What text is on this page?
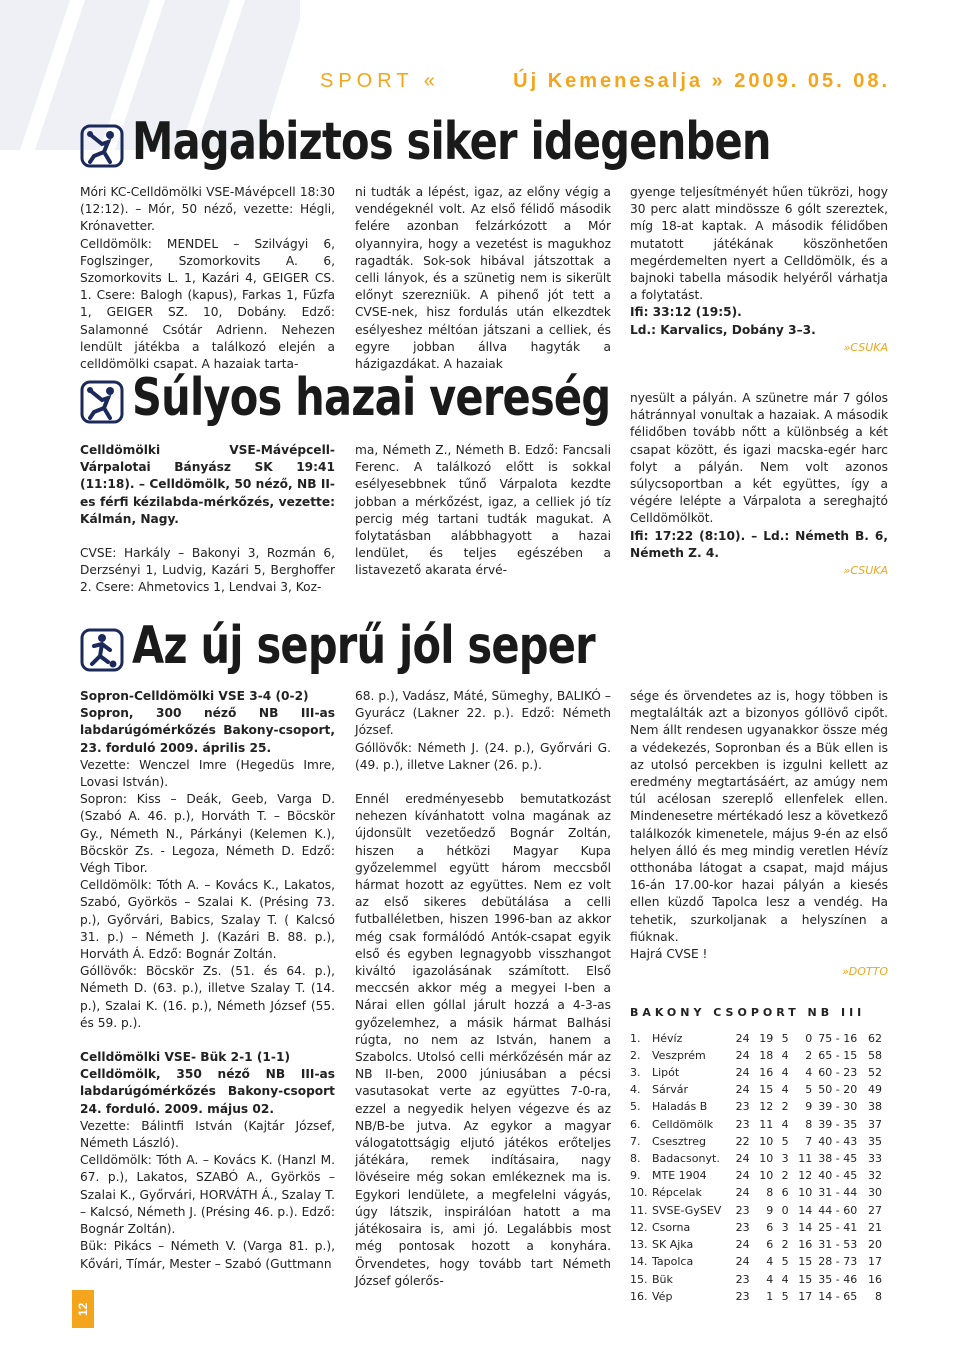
SPORT «	Új Kemenesalja » 2009. 05. 08.
Magabiztos siker idegenben

Móri KC-Celldömölki VSE-Mávépcell 18:30 (12:12). – Mór, 50 néző, vezette: Hégli, Krónavetter.

Celldömölk: MENDEL – Szilvágyi 6, Foglszinger, Szomorkovits A. 6, Szomorkovits L. 1, Kazári 4, GEIGER CS. 1. Csere: Balogh (kapus), Farkas 1, Fűzfa 1, GEIGER SZ. 10, Dobány. Edző: Salamonné Csótár Adrienn. Nehezen lendült játékba a találkozó elején a celldömölki csapat. A hazaiak tarta-

ni tudták a lépést, igaz, az előny végig a vendégeknél volt. Az első félidő második felére azonban felzárkózott a Mór olyannyira, hogy a vezetést is magukhoz ragadták. Sok-sok hibával játszottak a celli lányok, és a szünetig nem is sikerült előnyt szerezniük. A pihenő jót tett a CVSE-nek, hisz fordulás után elkezdtek esélyeshez méltóan játszani a celliek, és egyre jobban állva hagyták a házigazdákat. A hazaiak

gyenge teljesítményét hűen tükrözi, hogy 30 perc alatt mindössze 6 gólt szereztek, míg 18-at kaptak. A második félidőben mutatott játékának köszönhetően megérdemelten nyert a Celldömölk, és a bajnoki tabella második helyéről várhatja a folytatást.

Ifi: 33:12 (19:5).

Ld.: Karvalics, Dobány 3–3.

»CSUKA

Súlyos hazai vereség

Celldömölki VSE-Mávépcell-Várpalotai Bányász SK 19:41 (11:18). – Celldömölk, 50 néző, NB II-es férfi kézilabda-mérkőzés, vezette: Kálmán, Nagy.

CVSE: Harkály – Bakonyi 3, Rozmán 6, Derzsényi 1, Ludvig, Kazári 5, Berghoffer 2. Csere: Ahmetovics 1, Lendvai 3, Koz-

ma, Németh Z., Németh B. Edző: Fancsali Ferenc. A találkozó előtt is sokkal esélyesebbnek tűnő Várpalota kezdte jobban a mérkőzést, igaz, a celliek jó tíz percig még tartani tudták magukat. A folytatásban alábbhagyott a hazai lendület, és teljes egészében a listavezető akarata érvé-

nyesült a pályán. A szünetre már 7 gólos hátránnyal vonultak a hazaiak. A második félidőben tovább nőtt a különbség a két csapat között, és igazi macska-egér harc folyt a pályán. Nem volt azonos súlycsoportban a két együttes, így a végére lelépte a Várpalota a sereghajtó Celldömölköt.

Ifi: 17:22 (8:10). – Ld.: Németh B. 6, Németh Z. 4.

»CSUKA

Az új seprű jól seper

Sopron-Celldömölki VSE 3-4 (0-2)

Sopron, 300 néző NB III-as labdarúgómérkőzés Bakony-csoport, 23. forduló 2009. április 25.

Vezette: Wenczel Imre (Hegedüs Imre, Lovasi István).

Sopron: Kiss – Deák, Geeb, Varga D. (Szabó A. 46. p.), Horváth T. – Böcskör Gy., Németh N., Párkányi (Kelemen K.), Böcskör Zs. - Legoza, Németh D. Edző: Végh Tibor.

Celldömölk: Tóth A. – Kovács K., Lakatos, Szabó, Györkös – Szalai K. (Présing 73. p.), Győrvári, Babics, Szalay T. ( Kalcsó 31. p.) – Németh J. (Kazári B. 88. p.), Horváth Á. Edző: Bognár Zoltán.

Góllövők: Böcskör Zs. (51. és 64. p.), Németh D. (63. p.), illetve Szalay T. (14. p.), Szalai K. (16. p.), Németh József (55. és 59. p.).

Celldömölki VSE- Bük 2-1 (1-1)

Celldömölk, 350 néző NB III-as labdarúgómérkőzés Bakony-csoport 24. forduló. 2009. május 02.

Vezette: Bálintfi István (Kajtár József, Németh László).

Celldömölk: Tóth A. – Kovács K. (Hanzl M. 67. p.), Lakatos, SZABÓ A., Györkös – Szalai K., Győrvári, HORVÁTH Á., Szalay T. – Kalcsó, Németh J. (Présing 46. p.). Edző: Bognár Zoltán).

Bük: Pikács – Németh V. (Varga 81. p.), Kővári, Tímár, Mester – Szabó (Guttmann

68. p.), Vadász, Máté, Sümeghy, BALIKÓ – Gyurácz (Lakner 22. p.). Edző: Németh József.

Góllövők: Németh J. (24. p.), Győrvári G. (49. p.), illetve Lakner (26. p.).

Ennél eredményesebb bemutatkozást nehezen kívánhatott volna magának az újdonsült vezetőedző Bognár Zoltán, hiszen a hétközi Magyar Kupa győzelemmel együtt három meccsből hármat hozott az együttes. Nem ez volt az első sikeres debütálása a celli futballéletben, hiszen 1996-ban az akkor még csak formálódó Antók-csapat egyik első és egyben legnagyobb visszhangot kiváltó igazolásának számított. Első meccsén akkor még a megyei I-ben a Nárai ellen góllal járult hozzá a 4-3-as győzelemhez, a másik hármat Balhási rúgta, no nem az István, hanem a Szabolcs. Utolsó celli mérkőzésén már az NB II-ben, 2000 júniusában a pécsi vasutasokat verte az együttes 7-0-ra, ezzel a negyedik helyen végezve és az NB/B-be jutva. Az egykor a magyar válogatottságig eljutó játékos erőteljes játékára, remek indításaira, nagy lövéseire még sokan emlékeznek ma is. Egykori lendülete, a megfelelni vágyás, úgy látszik, inspirálóan hatott a ma játékosaira is, ami jó. Legalábbis most még pontosak hozott a konyhára. Örvendetes, hogy tovább tart Németh József gólerős-

sége és örvendetes az is, hogy többen is megtalálták azt a bizonyos góllövő cipőt. Nem állt rendesen ugyanakkor össze még a védekezés, Sopronban és a Bük ellen is az utolsó percekben is izgulni kellett az eredmény megtartásáért, az amúgy nem túl acélosan szereplő ellenfelek ellen. Mindenesetre mértékadó lesz a következő találkozók kimenetele, május 9-én az első helyen álló és meg mindig veretlen Hévíz otthonába látogat a csapat, majd május 16-án 17.00-kor hazai pályán a kiesés ellen küzdő Tapolca lesz a vendég. Ha tehetik, szurkoljanak a helyszínen a fiúknak.

Hajrá CVSE !

»DOTTO

BAKONY CSOPORT NB III
1.	Hévíz	24	19	5	0	75 - 16	62
2.	Veszprém	24	18	4	2	65 - 15	58
3.	Lipót	24	16	4	4	60 - 23	52
4.	Sárvár	24	15	4	5	50 - 20	49
5.	Haladás B	23	12	2	9	39 - 30	38
6.	Celldömölk	23	11	4	8	39 - 35	37
7.	Csesztreg	22	10	5	7	40 - 43	35
8.	Badacsonyt.	24	10	3	11	38 - 45	33
9.	MTE 1904	24	10	2	12	40 - 45	32
10.	Répcelak	24	8	6	10	31 - 44	30
11.	SVSE-GySEV	23	9	0	14	44 - 60	27
12.	Csorna	23	6	3	14	25 - 41	21
13.	SK Ajka	24	6	2	16	31 - 53	20
14.	Tapolca	24	4	5	15	28 - 73	17
15.	Bük	23	4	4	15	35 - 46	16
16.	Vép	23	1	5	17	14 - 65	8
12
